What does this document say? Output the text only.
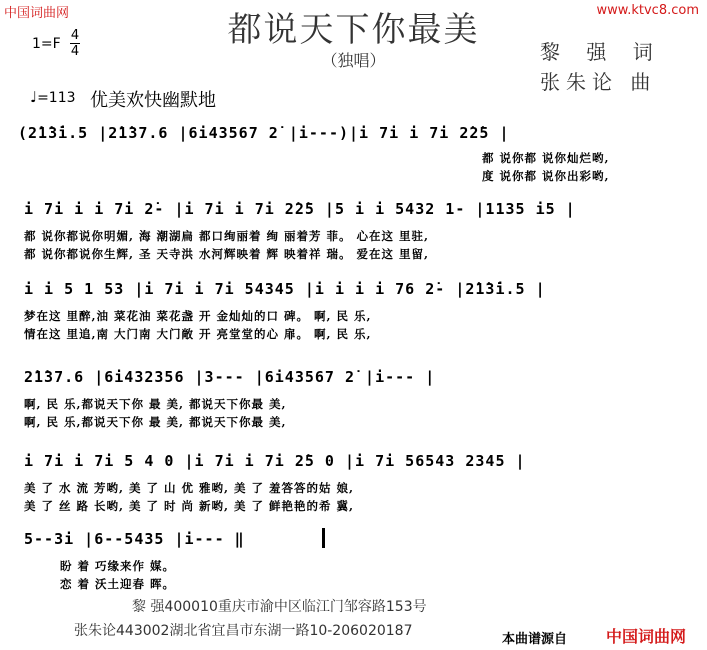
中国词曲网	www.ktvc8.com
都说天下你最美
（独唱）
1=F
4
4	黎 强 词
张朱论 曲
♩=113 优美欢快幽默地
(2̇1̇3̇i.5 |2̇1̇37.6 |6i43567 2̇ |i---)|i 7i i 7i 2̇2̇5 |
都 说你都 说你灿烂哟,
度 说你都 说你出彩哟,
i 7i i i 7i 2̇- |i 7i i 7i 2̇2̇5 |5 i i 5432 1- |1135 i5 |
都 说你都说你明媚, 海 潮湖扁 都口绚丽着 绚 丽着芳 菲。 心在这 里驻,
都 说你都说你生辉, 圣 天寺洪 水河辉映着 辉 映着祥 瑞。 爱在这 里留,
i i 5 1 53 |i 7i i 7i 54345 |i i i i 76 2̇- |2̇1̇3̇i.5 |
梦在这 里醉,油 菜花油 菜花盏 开 金灿灿的口 碑。 啊, 民 乐,
情在这 里追,南 大门南 大门敞 开 亮堂堂的心 扉。 啊, 民 乐,
2̇1̇37.6 |6i432356 |3--- |6i43567 2̇ |i--- |
啊, 民 乐,都说天下你 最 美, 都说天下你最 美,
啊, 民 乐,都说天下你 最 美, 都说天下你最 美,
i 7i i 7i 5 4 0 |i 7i i 7i 2̇5 0 |i 7i 56543 2345 |
美 了 水 流 芳哟, 美 了 山 优 雅哟, 美 了 羞答答的姑 娘,
美 了 丝 路 长哟, 美 了 时 尚 新哟, 美 了 鲜艳艳的希 冀,
5--3i |6--5435 |i--- ‖
盼 着 巧缘来作 媒。
恋 着 沃土迎春 晖。
黎 强400010重庆市渝中区临江门邹容路153号
张朱论443002湖北省宜昌市东湖一路10-206020187
本曲谱源自 中国词曲网
